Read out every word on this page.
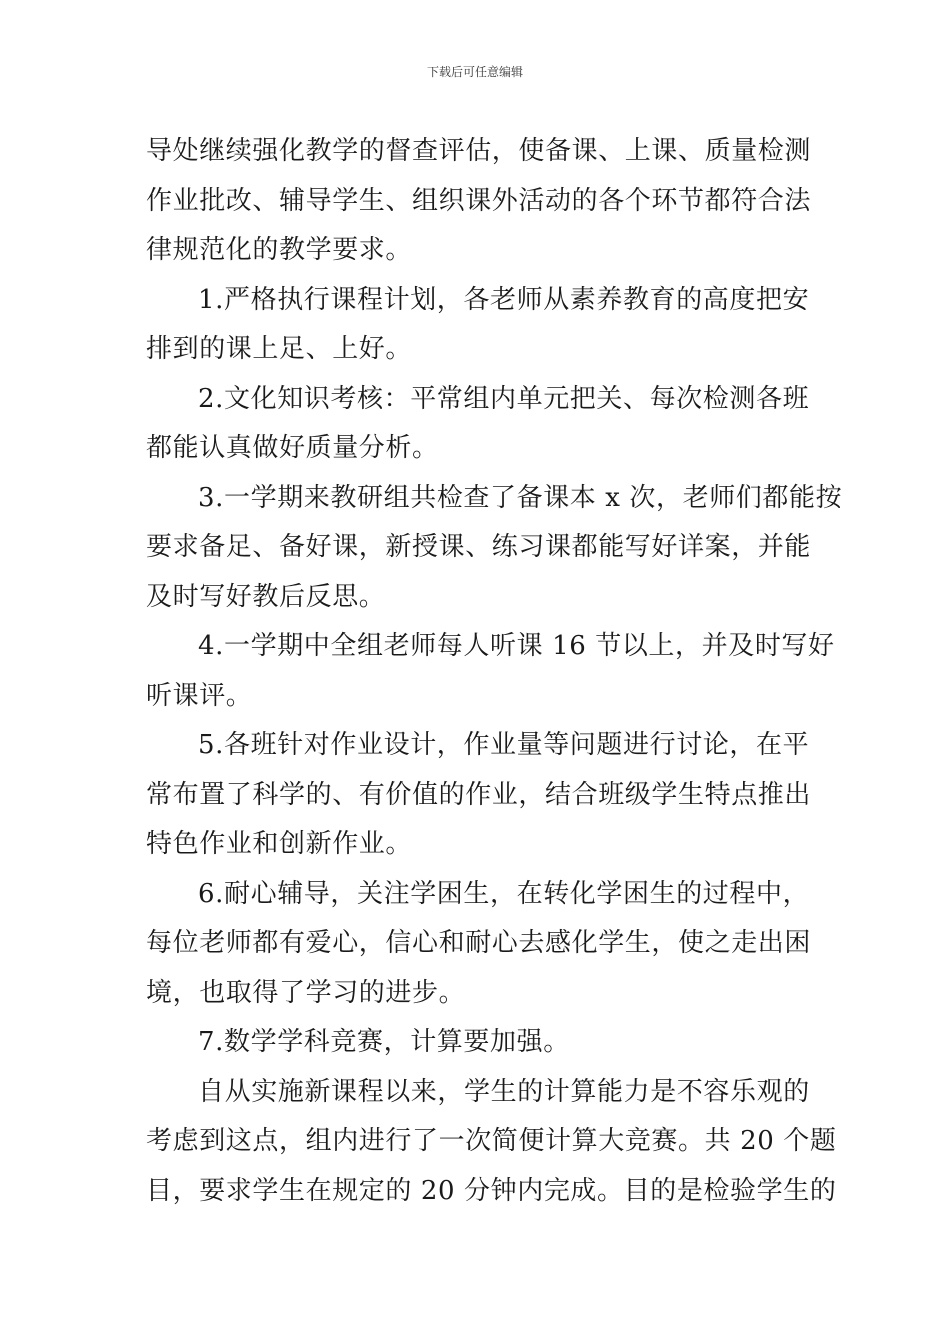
下载后可任意编辑
导处继续强化教学的督查评估，使备课、上课、质量检测
作业批改、辅导学生、组织课外活动的各个环节都符合法
律规范化的教学要求。
1.严格执行课程计划，各老师从素养教育的高度把安
排到的课上足、上好。
2.文化知识考核：平常组内单元把关、每次检测各班
都能认真做好质量分析。
3.一学期来教研组共检查了备课本 x 次，老师们都能按
要求备足、备好课，新授课、练习课都能写好详案，并能
及时写好教后反思。
4.一学期中全组老师每人听课 16 节以上，并及时写好
听课评。
5.各班针对作业设计，作业量等问题进行讨论，在平
常布置了科学的、有价值的作业，结合班级学生特点推出
特色作业和创新作业。
6.耐心辅导，关注学困生，在转化学困生的过程中，
每位老师都有爱心，信心和耐心去感化学生，使之走出困
境，也取得了学习的进步。
7.数学学科竞赛，计算要加强。
自从实施新课程以来，学生的计算能力是不容乐观的
考虑到这点，组内进行了一次简便计算大竞赛。共 20 个题
目，要求学生在规定的 20 分钟内完成。目的是检验学生的
